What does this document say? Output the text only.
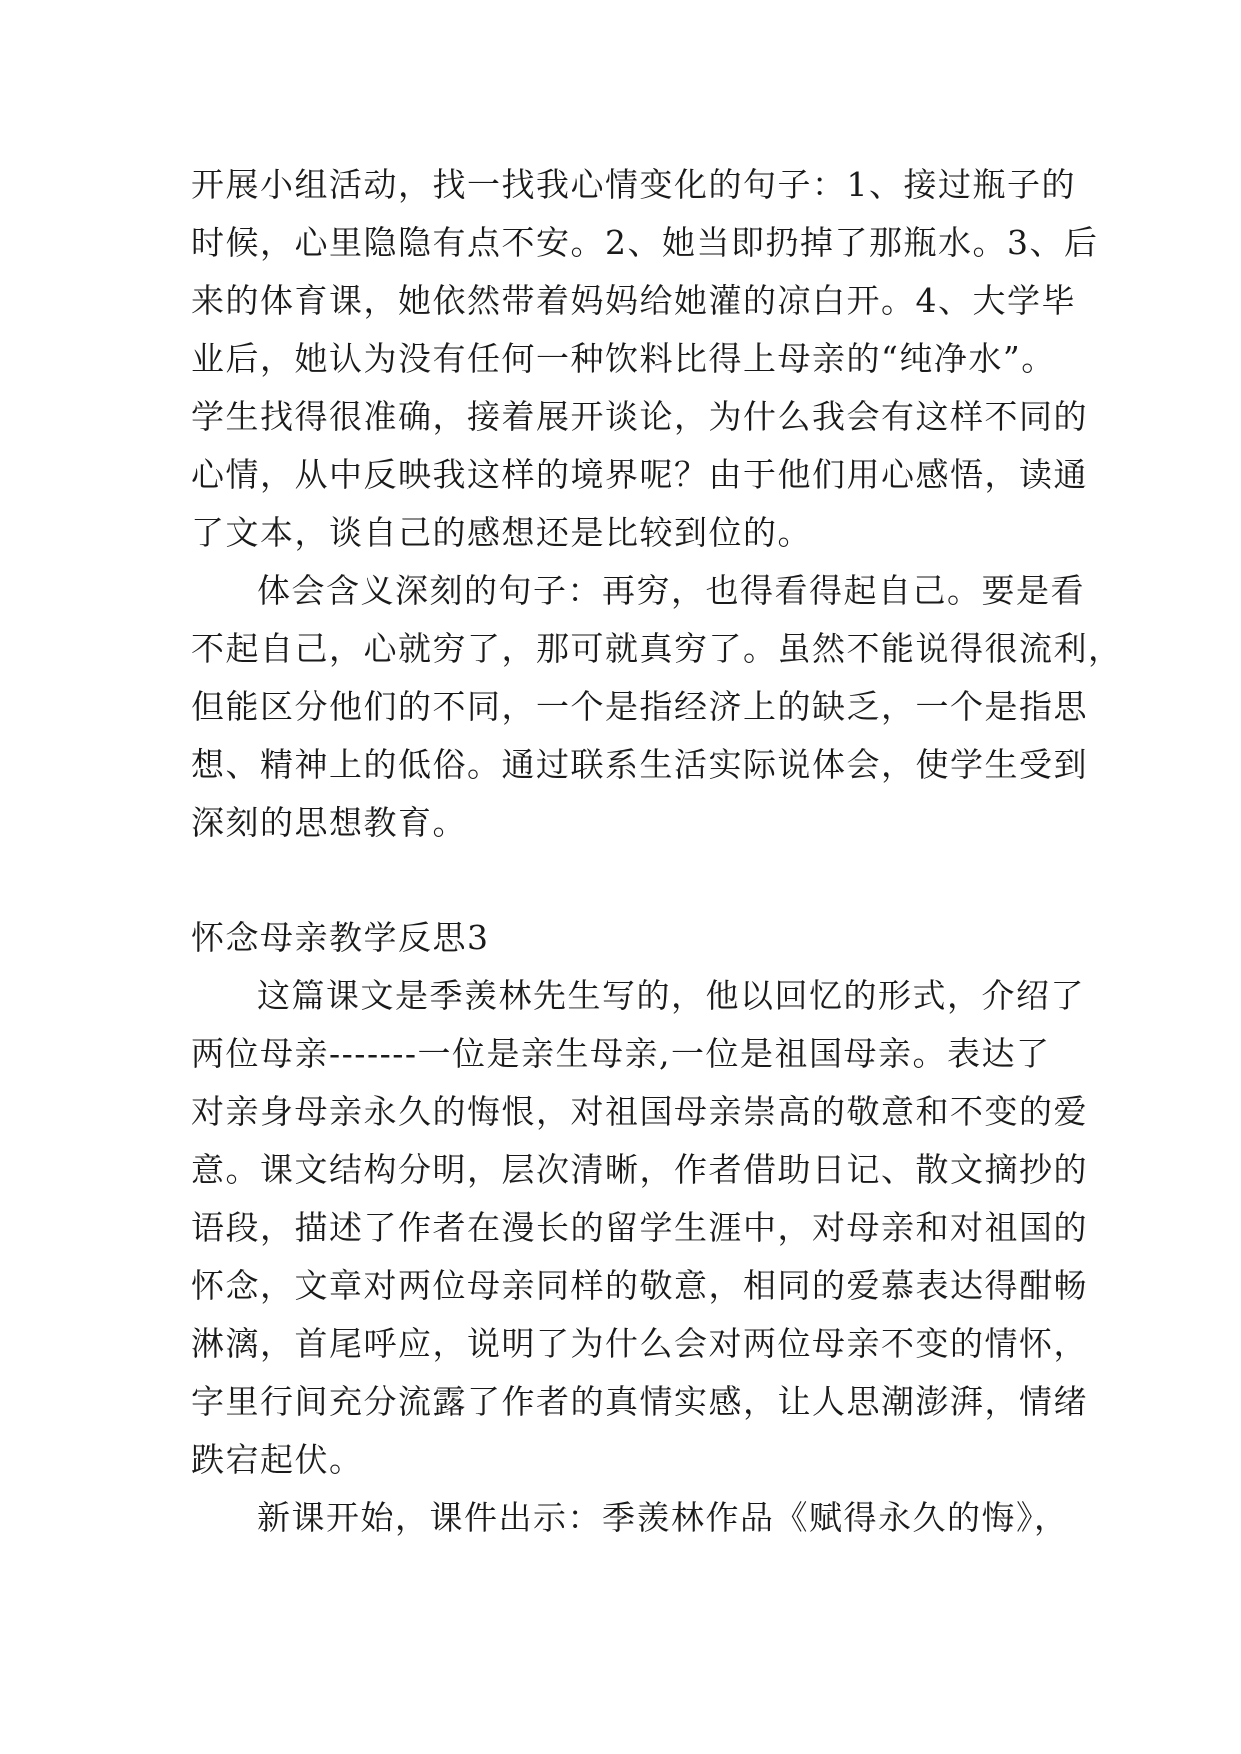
开展小组活动，找一找我心情变化的句子：1、接过瓶子的
时候，心里隐隐有点不安。2、她当即扔掉了那瓶水。3、后
来的体育课，她依然带着妈妈给她灌的凉白开。4、大学毕
业后，她认为没有任何一种饮料比得上母亲的“纯净水”。
学生找得很准确，接着展开谈论，为什么我会有这样不同的
心情，从中反映我这样的境界呢？由于他们用心感悟，读通
了文本，谈自己的感想还是比较到位的。
体会含义深刻的句子：再穷，也得看得起自己。要是看
不起自己，心就穷了，那可就真穷了。虽然不能说得很流利，
但能区分他们的不同，一个是指经济上的缺乏，一个是指思
想、精神上的低俗。通过联系生活实际说体会，使学生受到
深刻的思想教育。
怀念母亲教学反思3
这篇课文是季羡林先生写的，他以回忆的形式，介绍了
两位母亲-------一位是亲生母亲,一位是祖国母亲。表达了
对亲身母亲永久的悔恨，对祖国母亲崇高的敬意和不变的爱
意。课文结构分明，层次清晰，作者借助日记、散文摘抄的
语段，描述了作者在漫长的留学生涯中，对母亲和对祖国的
怀念，文章对两位母亲同样的敬意，相同的爱慕表达得酣畅
淋漓，首尾呼应，说明了为什么会对两位母亲不变的情怀，
字里行间充分流露了作者的真情实感，让人思潮澎湃，情绪
跌宕起伏。
新课开始，课件出示：季羡林作品《赋得永久的悔》，
